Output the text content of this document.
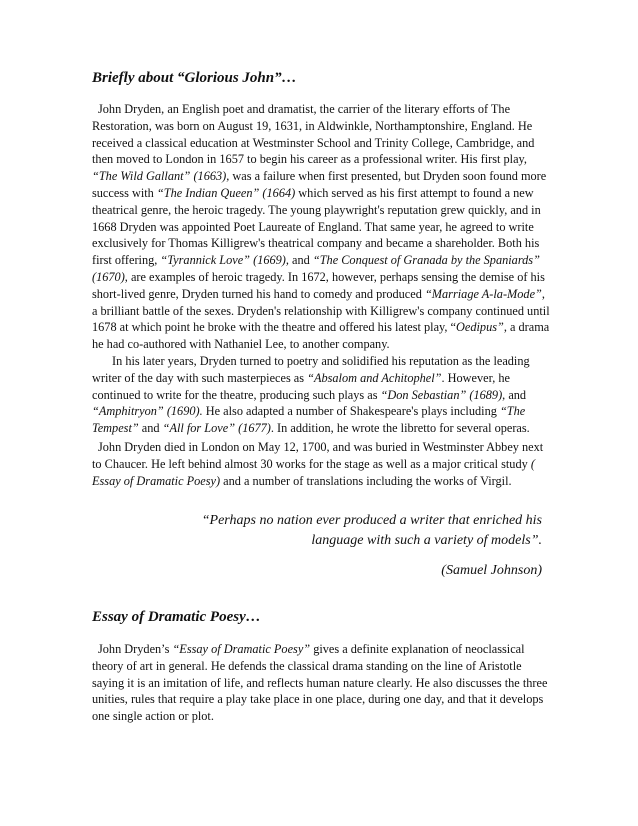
Briefly about “Glorious John”…

John Dryden, an English poet and dramatist, the carrier of the literary efforts of The Restoration, was born on August 19, 1631, in Aldwinkle, Northamptonshire, England. He received a classical education at Westminster School and Trinity College, Cambridge, and then moved to London in 1657 to begin his career as a professional writer. His first play, “The Wild Gallant” (1663), was a failure when first presented, but Dryden soon found more success with “The Indian Queen” (1664) which served as his first attempt to found a new theatrical genre, the heroic tragedy. The young playwright's reputation grew quickly, and in 1668 Dryden was appointed Poet Laureate of England. That same year, he agreed to write exclusively for Thomas Killigrew's theatrical company and became a shareholder. Both his first offering, “Tyrannick Love” (1669), and “The Conquest of Granada by the Spaniards” (1670), are examples of heroic tragedy. In 1672, however, perhaps sensing the demise of his short-lived genre, Dryden turned his hand to comedy and produced “Marriage A-la-Mode”, a brilliant battle of the sexes. Dryden's relationship with Killigrew's company continued until 1678 at which point he broke with the theatre and offered his latest play, “Oedipus”, a drama he had co-authored with Nathaniel Lee, to another company.

In his later years, Dryden turned to poetry and solidified his reputation as the leading writer of the day with such masterpieces as “Absalom and Achitophel”. However, he continued to write for the theatre, producing such plays as “Don Sebastian” (1689), and “Amphitryon” (1690). He also adapted a number of Shakespeare's plays including “The Tempest” and “All for Love” (1677). In addition, he wrote the libretto for several operas.

John Dryden died in London on May 12, 1700, and was buried in Westminster Abbey next to Chaucer. He left behind almost 30 works for the stage as well as a major critical study ( Essay of Dramatic Poesy) and a number of translations including the works of Virgil.

“Perhaps no nation ever produced a writer that enriched his language with such a variety of models”.

(Samuel Johnson)

Essay of Dramatic Poesy…

John Dryden’s “Essay of Dramatic Poesy” gives a definite explanation of neoclassical theory of art in general. He defends the classical drama standing on the line of Aristotle saying it is an imitation of life, and reflects human nature clearly. He also discusses the three unities, rules that require a play take place in one place, during one day, and that it develops one single action or plot.
